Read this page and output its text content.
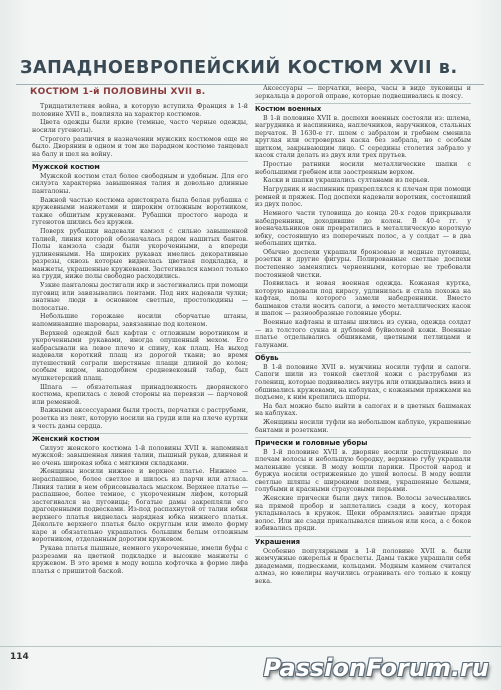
ЗАПАДНОЕВРОПЕЙСКИЙ КОСТЮМ XVII в.
КОСТЮМ 1-й ПОЛОВИНЫ XVII в.
Тридцатилетняя война, в которую вступила Франция в 1-й половине XVII в., повлияла на характер костюмов.
Цвета одежды были яркие (темные, часто черные одежды, носили гугеноты).
Строгого различия в назначении мужских костюмов еще не было. Дворянин в одном и том же парадном костюме танцевал на балу и шел на войну.
Мужской костюм
Мужской костюм стал более свободным и удобным. Для его силуэта характерна завышенная талия и довольно длинные панталоны.
Важной частью костюма аристократа была белая рубашка с кружевными манжетами и широким отложным воротником, также обшитым кружевами. Рубашки простого народа и гугенотов шились без кружев.
Поверх рубашки надевали камзол с сильно завышенной талией, линия которой обозначалась рядом нашитых бантов. Полы камзола сзади были укороченными, а впереди удлиненными. На широких рукавах имелись декоративные разрезы, сквозь которые виднелась цветная подкладка, и манжеты, украшенные кружевами. Застегивался камзол только на груди, ниже полы свободно расходились.
Узкие панталоны достигали икр и застегивались при помощи пуговиц или завязывались лентами. Под них надевали чулки; знатные люди в основном светлые, простолюдины — полосатые.
Небольшие горожане носили сборчатые штаны, напоминавшие шаровары, завязанные под коленом.
Верхней одеждой был кафтан с отложным воротником и укороченными рукавами, иногда опушенный мехом. Его набрасывали на левое плечо и спину, как плащ. На выход надевали короткий плащ из дорогой ткани; во время путешествий сограли шерстяные плащи длиной до колен; особым видом, наподобием средневековый табар, был мушкетерский плащ.
Шпага — обязательная принадлежность дворянского костюма, крепилась с левой стороны на перевязи — парчовой или ременной.
Важными аксессуарами были трость, перчатки с раструбами, розетка из лент, которую носили на груди или на плече куртки в честь дамы сердца.
Женский костюм
Силуэт женского костюма 1-й половины XVII в. напоминал мужской: завышенная линия талии, пышный рукав, длинная и не очень широкая юбка с мягкими складками.
Женщины носили нижнее и верхнее платье. Нижнее — нераспашное, более светлое и шилось из парчи или атласа. Линия талии в нем обрисовывалась мыском. Верхнее платье — распашное, более темное, с укороченным лифом, который застегивался на пуговицы; богатые дамы закрепляли его драгоценными подвесками. Из-под распахнутой от талии юбки верхнего платья виднелась нарядная юбка нижнего платья. Декольте верхнего платья было округлым или имело форму каре и обязательно украшалось большим белым отложным воротником, отделанным дорогим кружевом.
Рукава платья пышные, немного укороченные, имели буфы с разрезами на цветной подкладке и высокие манжеты с кружевом. В это время в моду вошла кофточка в форме лифа платья с пришитой баской.
Аксессуары — перчатки, веера, часы в виде луковицы и зеркальца в дорогой оправе, которые подвешивались к поясу.
Костюм военных
В 1-й половине XVII в. доспехи военных состояли из: шлема, нагрудника и наспинника, наплечников, наручников, стальных перчаток. В 1630-е гг. шлем с забралом и гребнем сменила круглая или островерхая каска без забрала, но с особым щитком, закрывающим лицо. С середины столетия забрало у касок стали делать из двух или трех прутьев.
Простые ратники носили металлические шапки с небольшими гребнем или заостренным верхом.
Каски и шапки украшались султанами из перьев.
Нагрудник и наспинник прикреплялся к плечам при помощи ремней и пряжек. Под доспехи надевали воротник, состоявший из двух полос.
Немного части туловища до конца 20-х годов прикрывали набедренники, доходившие до колен. В 40-е гг. у военачальников они превратились в металлическую короткую юбку, состоявшую из поперечных полос, а у солдат — в два небольших щитка.
Обычно доспехи украшали бронзовые и медные пуговицы, розетки и другие фигуры. Полированные светлые доспехи постепенно заменялись черненными, которые не требовали постоянной чистки.
Появилась и новая военная одежда. Кожаная куртка, которую надевали под кирасу, удлинилась и стала похожа на кафтан, полы которого замели набедренники. Вместо башмаков стали носить сапоги, а вместо металлических касок и шапок — разнообразные головные уборы.
Военные кафтаны и штаны шились из сукна, одежда солдат — из толстого сукна и дубленой буйволовой кожи. Военные платье отделывались обшивками, цветными петлицами и галунами.
Обувь
В 1-й половине XVII в. мужчины носили туфли и сапоги. Сапоги шили из тонкой светлой кожи с раструбами из голенищ, которые подвивались внутрь или откидывались вниз и обшивались кружевами, на каблуках, с кожаными пряжками на подъеме, к ним крепились шпоры.
На бал можно было выйти в сапогах и в цветных башмаках на каблуках.
Женщины носили туфли на небольшом каблуке, украшенные бантами и розетками.
Прически и головные уборы
В 1-й половине XVII в. дворяне носили распущенные по плечам волосы и небольшую бородку, верхнюю губу украшали маленькие усики. В моду вошли парики. Простой народ и буржуа носили остриженные до ушей волосы. В моду вошли светлые шляпы с широкими полями, украшенные белыми, голубыми и красными страусовыми перьями.
Женские прически были двух типов. Волосы зачесывались на прямой пробор и заплетались сзади в косу, которая укладывалась в кружок. Щеки обрамлялись завитые пряди волос. Или же сзади прикалывался шиньон или коса, а с боков взбивались пряди.
Украшения
Особенно популярными в 1-й половине XVII в. были жемчужные ожерелья и браслеты. Дамы также украшали себя диадемами, подвесками, кольцами. Модным камнем считался алмаз, но ювелиры научились огранивать его только к концу века.
114	PassionForum.ru
